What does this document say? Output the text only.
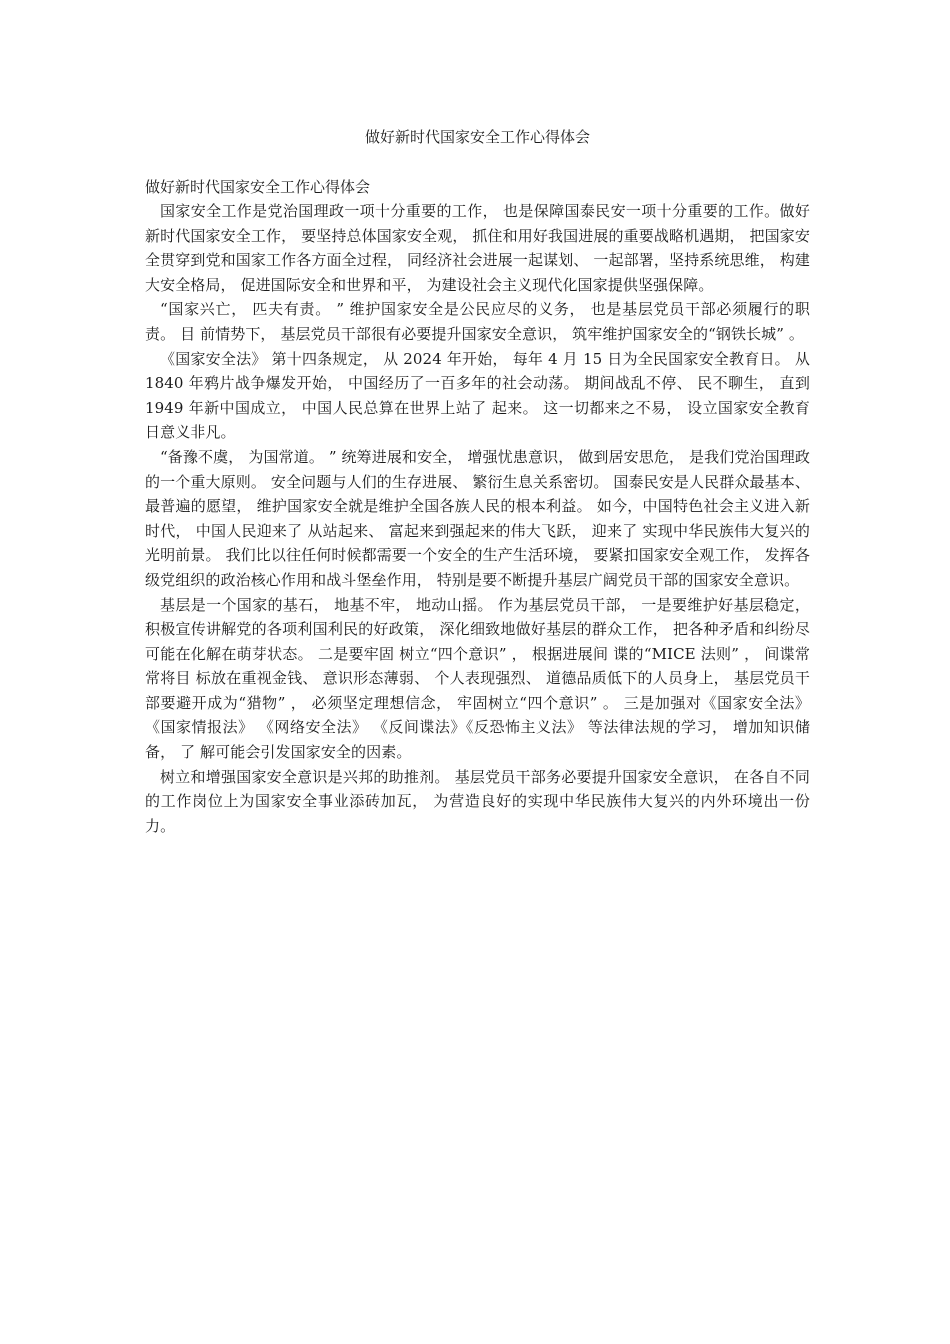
做好新时代国家安全工作心得体会

做好新时代国家安全工作心得体会

国家安全工作是党治国理政一项十分重要的工作， 也是保障国泰民安一项十分重要的工作。做好新时代国家安全工作， 要坚持总体国家安全观， 抓住和用好我国进展的重要战略机遇期， 把国家安全贯穿到党和国家工作各方面全过程， 同经济社会进展一起谋划、 一起部署，坚持系统思维， 构建大安全格局， 促进国际安全和世界和平， 为建设社会主义现代化国家提供坚强保障。

“国家兴亡， 匹夫有责。 ” 维护国家安全是公民应尽的义务， 也是基层党员干部必须履行的职责。 目 前情势下， 基层党员干部很有必要提升国家安全意识， 筑牢维护国家安全的“钢铁长城” 。

《国家安全法》 第十四条规定， 从 2024 年开始， 每年 4 月 15 日为全民国家安全教育日。 从 1840 年鸦片战争爆发开始， 中国经历了一百多年的社会动荡。 期间战乱不停、 民不聊生， 直到 1949 年新中国成立， 中国人民总算在世界上站了 起来。 这一切都来之不易， 设立国家安全教育日意义非凡。

“备豫不虞， 为国常道。 ” 统筹进展和安全， 增强忧患意识， 做到居安思危， 是我们党治国理政的一个重大原则。 安全问题与人们的生存进展、 繁衍生息关系密切。 国泰民安是人民群众最基本、 最普遍的愿望， 维护国家安全就是维护全国各族人民的根本利益。 如今，中国特色社会主义进入新时代， 中国人民迎来了 从站起来、 富起来到强起来的伟大飞跃， 迎来了 实现中华民族伟大复兴的光明前景。 我们比以往任何时候都需要一个安全的生产生活环境， 要紧扣国家安全观工作， 发挥各级党组织的政治核心作用和战斗堡垒作用， 特别是要不断提升基层广阔党员干部的国家安全意识。

基层是一个国家的基石， 地基不牢， 地动山摇。 作为基层党员干部， 一是要维护好基层稳定， 积极宣传讲解党的各项利国利民的好政策， 深化细致地做好基层的群众工作， 把各种矛盾和纠纷尽可能在化解在萌芽状态。 二是要牢固 树立“四个意识” ， 根据进展间 谍的“MICE 法则” ， 间谍常常将目 标放在重视金钱、 意识形态薄弱、 个人表现强烈、 道德品质低下的人员身上， 基层党员干部要避开成为“猎物” ， 必须坚定理想信念， 牢固树立“四个意识” 。 三是加强对《国家安全法》 《国家情报法》 《网络安全法》 《反间谍法》《反恐怖主义法》 等法律法规的学习， 增加知识储备， 了 解可能会引发国家安全的因素。

树立和增强国家安全意识是兴邦的助推剂。 基层党员干部务必要提升国家安全意识， 在各自不同的工作岗位上为国家安全事业添砖加瓦， 为营造良好的实现中华民族伟大复兴的内外环境出一份力。
